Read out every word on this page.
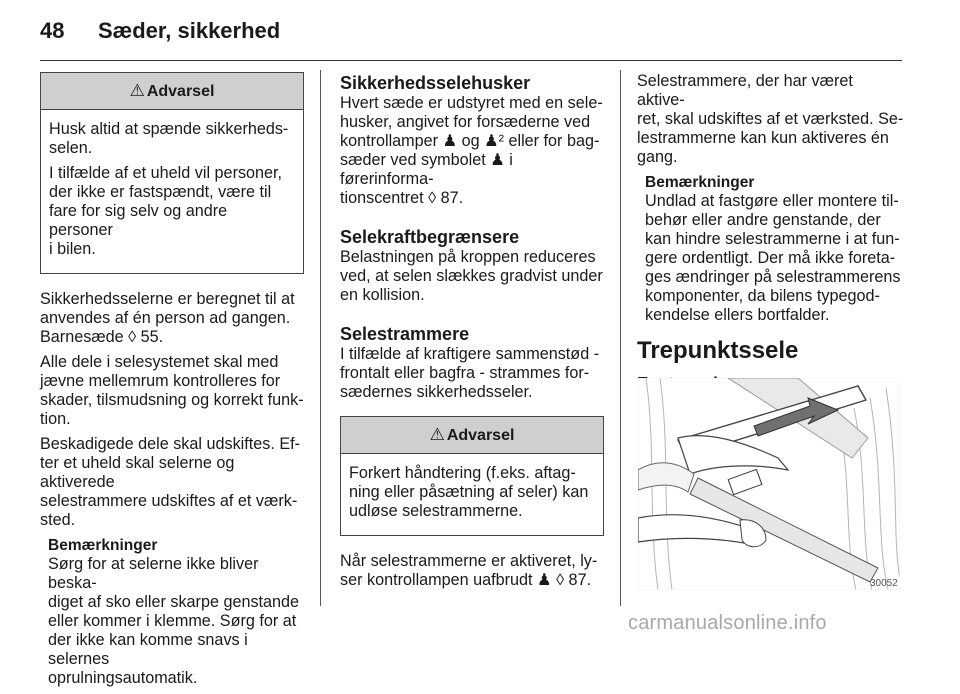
48 Sæder, sikkerhed
⚠ Advarsel

Husk altid at spænde sikkerheds-
selen.

I tilfælde af et uheld vil personer,
der ikke er fastspændt, være til
fare for sig selv og andre personer
i bilen.

Sikkerhedsselerne er beregnet til at
anvendes af én person ad gangen.
Barnesæde ◊ 55.

Alle dele i selesystemet skal med
jævne mellemrum kontrolleres for
skader, tilsmudsning og korrekt funk-
tion.

Beskadigede dele skal udskiftes. Ef-
ter et uheld skal selerne og aktiverede
selestrammere udskiftes af et værk-
sted.

Bemærkninger

Sørg for at selerne ikke bliver beska-
diget af sko eller skarpe genstande
eller kommer i klemme. Sørg for at
der ikke kan komme snavs i selernes
oprulningsautomatik.

Sikkerhedsselehusker

Hvert sæde er udstyret med en sele-
husker, angivet for forsæderne ved
kontrollamper ♟ og ♟² eller for bag-
sæder ved symbolet ♟ i førerinforma-
tionscentret ◊ 87.

Selekraftbegrænsere

Belastningen på kroppen reduceres
ved, at selen slækkes gradvist under
en kollision.

Selestrammere

I tilfælde af kraftigere sammenstød -
frontalt eller bagfra - strammes for-
sædernes sikkerhedsseler.

⚠ Advarsel

Forkert håndtering (f.eks. aftag-
ning eller påsætning af seler) kan
udløse selestrammerne.

Når selestrammerne er aktiveret, ly-
ser kontrollampen uafbrudt ♟ ◊ 87.

Selestrammere, der har været aktive-
ret, skal udskiftes af et værksted. Se-
lestrammerne kan kun aktiveres én
gang.

Bemærkninger

Undlad at fastgøre eller montere til-
behør eller andre genstande, der
kan hindre selestrammerne i at fun-
gere ordentligt. Der må ikke foreta-
ges ændringer på selestrammerens
komponenter, da bilens typegod-
kendelse ellers bortfalder.

Trepunktssele
30052
carmanualsonline.info
